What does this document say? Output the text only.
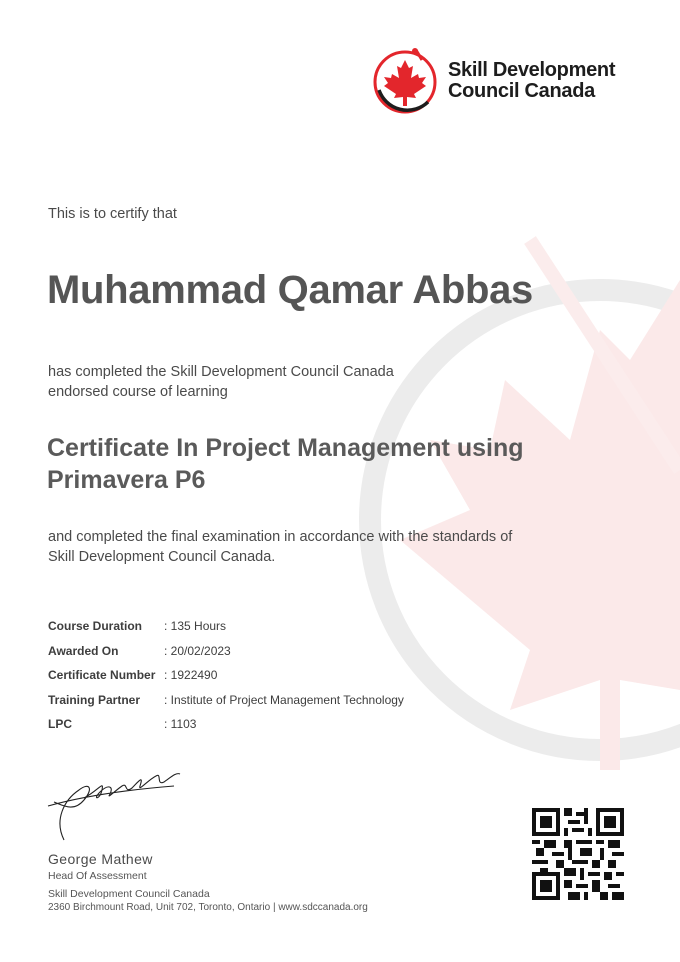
Skill Development
Council Canada
This is to certify that
Muhammad Qamar Abbas
has completed the Skill Development Council Canada
endorsed course of learning
Certificate In Project Management using
Primavera P6
and completed the final examination in accordance with the standards of
Skill Development Council Canada.
Course Duration	: 135 Hours
Awarded On	: 20/02/2023
Certificate Number : 1922490
Training Partner	: Institute of Project Management Technology
LPC	: 1103
George Mathew
Head Of Assessment
Skill Development Council Canada
2360 Birchmount Road, Unit 702, Toronto, Ontario | www.sdccanada.org
